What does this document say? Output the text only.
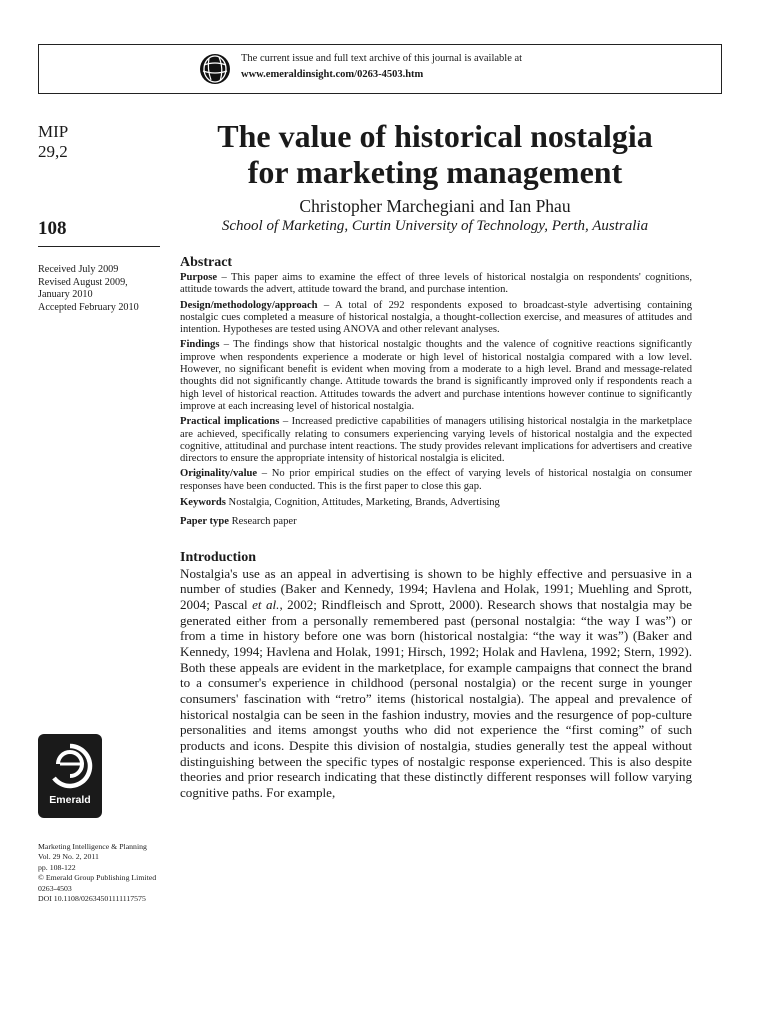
The current issue and full text archive of this journal is available at
www.emeraldinsight.com/0263-4503.htm
MIP
29,2
108
Received July 2009
Revised August 2009,
January 2010
Accepted February 2010
Emerald
Marketing Intelligence & Planning
Vol. 29 No. 2, 2011
pp. 108-122
© Emerald Group Publishing Limited
0263-4503
DOI 10.1108/02634501111117575
The value of historical nostalgia
for marketing management
Christopher Marchegiani and Ian Phau
School of Marketing, Curtin University of Technology, Perth, Australia
Abstract

Purpose – This paper aims to examine the effect of three levels of historical nostalgia on respondents' cognitions, attitude towards the advert, attitude toward the brand, and purchase intention.

Design/methodology/approach – A total of 292 respondents exposed to broadcast-style advertising containing nostalgic cues completed a measure of historical nostalgia, a thought-collection exercise, and measures of attitudes and intention. Hypotheses are tested using ANOVA and other relevant analyses.

Findings – The findings show that historical nostalgic thoughts and the valence of cognitive reactions significantly improve when respondents experience a moderate or high level of historical nostalgia compared with a low level. However, no significant benefit is evident when moving from a moderate to a high level. Brand and message-related thoughts did not significantly change. Attitude towards the brand is significantly improved only if respondents reach a high level of historical reaction. Attitudes towards the advert and purchase intentions however continue to significantly improve at each increasing level of historical nostalgia.

Practical implications – Increased predictive capabilities of managers utilising historical nostalgia in the marketplace are achieved, specifically relating to consumers experiencing varying levels of historical nostalgia and the expected cognitive, attitudinal and purchase intent reactions. The study provides relevant implications for advertisers and creative directors to ensure the appropriate intensity of historical nostalgia is elicited.

Originality/value – No prior empirical studies on the effect of varying levels of historical nostalgia on consumer responses have been conducted. This is the first paper to close this gap.

Keywords Nostalgia, Cognition, Attitudes, Marketing, Brands, Advertising

Paper type Research paper

Introduction

Nostalgia's use as an appeal in advertising is shown to be highly effective and persuasive in a number of studies (Baker and Kennedy, 1994; Havlena and Holak, 1991; Muehling and Sprott, 2004; Pascal et al., 2002; Rindfleisch and Sprott, 2000). Research shows that nostalgia may be generated either from a personally remembered past (personal nostalgia: “the way I was”) or from a time in history before one was born (historical nostalgia: “the way it was”) (Baker and Kennedy, 1994; Havlena and Holak, 1991; Hirsch, 1992; Holak and Havlena, 1992; Stern, 1992). Both these appeals are evident in the marketplace, for example campaigns that connect the brand to a consumer's experience in childhood (personal nostalgia) or the recent surge in younger consumers' fascination with “retro” items (historical nostalgia). The appeal and prevalence of historical nostalgia can be seen in the fashion industry, movies and the resurgence of pop-culture personalities and items amongst youths who did not experience the “first coming” of such products and icons. Despite this division of nostalgia, studies generally test the appeal without distinguishing between the specific types of nostalgic response experienced. This is also despite theories and prior research indicating that these distinctly different responses will follow varying cognitive paths. For example,
